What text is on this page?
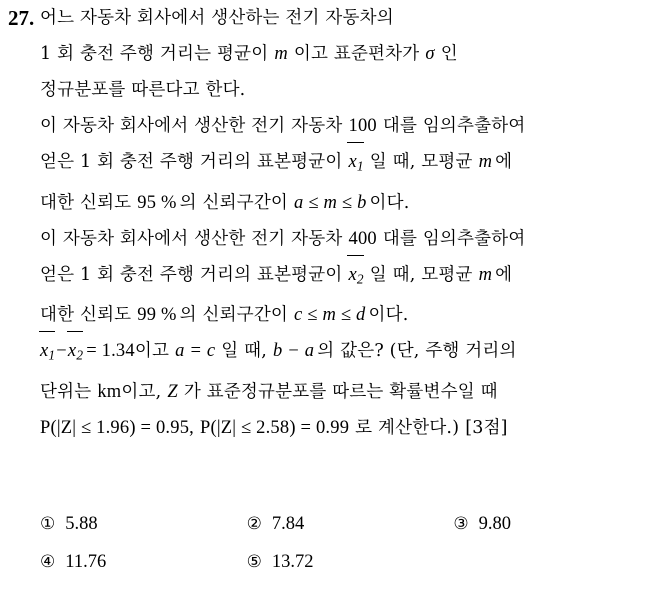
27. 어느 자동차 회사에서 생산하는 전기 자동차의
1 회 충전 주행 거리는 평균이 m 이고 표준편차가 σ 인
정규분포를 따른다고 한다.
이 자동차 회사에서 생산한 전기 자동차 100 대를 임의추출하여
얻은 1 회 충전 주행 거리의 표본평균이 $x_1$ 일 때, 모평균 m 에
대한 신뢰도 95 % 의 신뢰구간이 a ≤ m ≤ b 이다.
이 자동차 회사에서 생산한 전기 자동차 400 대를 임의추출하여
얻은 1 회 충전 주행 거리의 표본평균이 $x_2$ 일 때, 모평균 m 에
대한 신뢰도 99 % 의 신뢰구간이 c ≤ m ≤ d 이다.
$x_1-x_2 = 1.34$이고 a = c 일 때, b − a 의 값은? (단, 주행 거리의
단위는 km이고, Z 가 표준정규분포를 따르는 확률변수일 때
P(|Z| ≤ 1.96) = 0.95, P(|Z| ≤ 2.58) = 0.99 로 계산한다.) [3점]
① 5.88	② 7.84	③ 9.80
④ 11.76	⑤ 13.72
